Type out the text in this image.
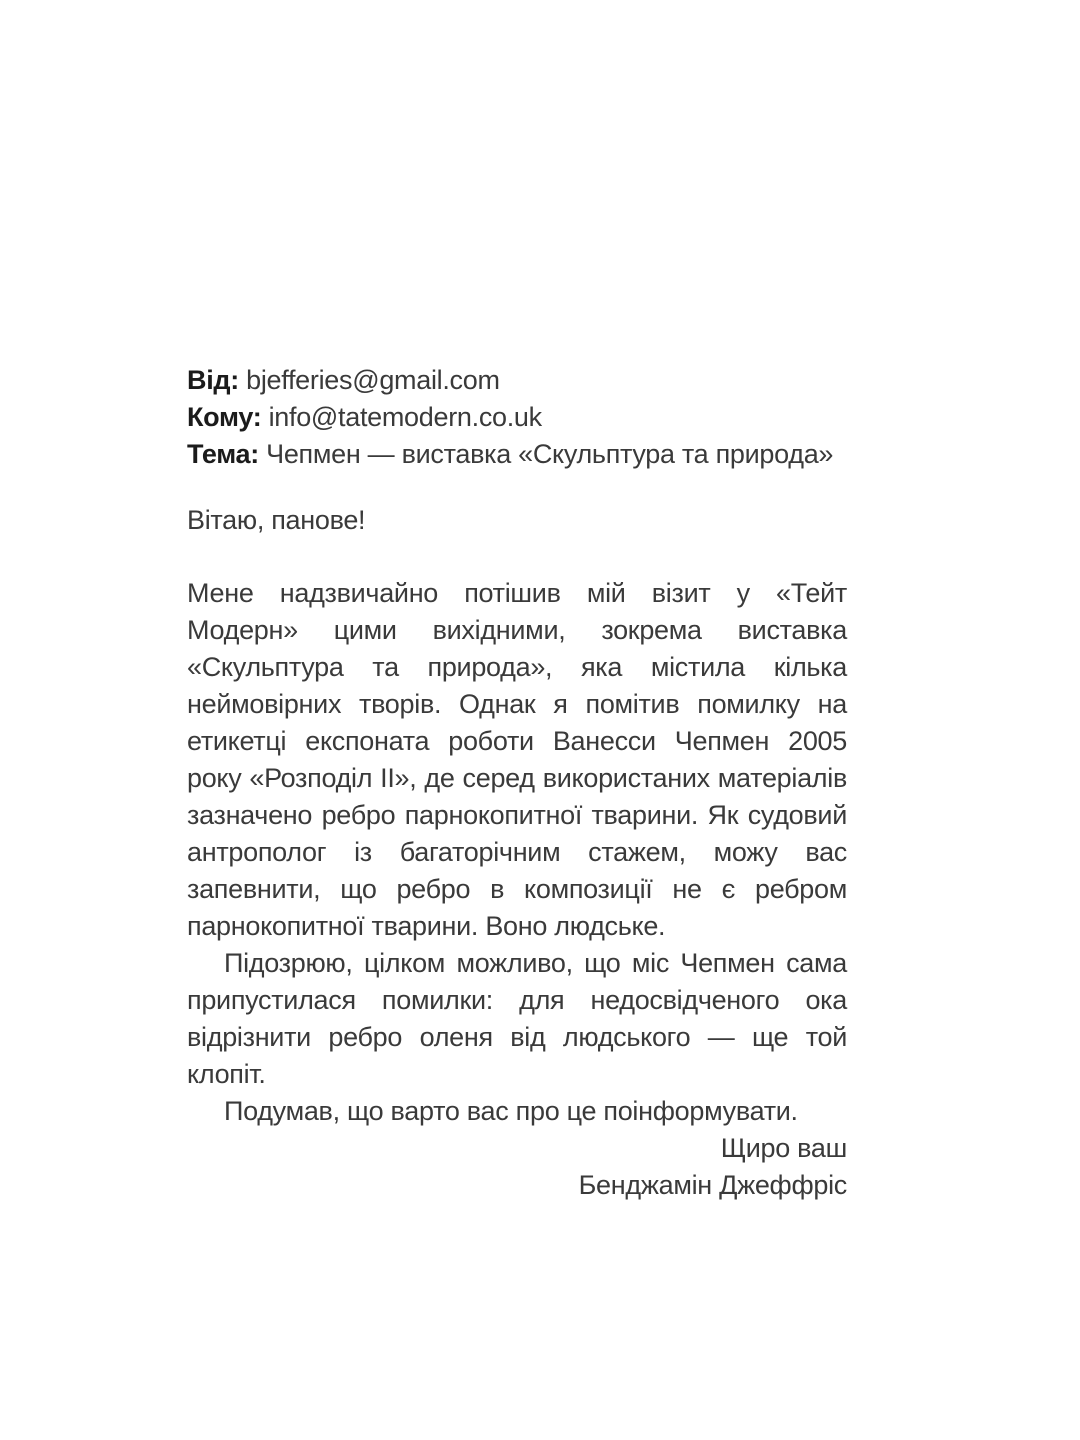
Від: bjefferies@gmail.com

Кому: info@tatemodern.co.uk

Тема: Чепмен — виставка «Скульптура та природа»

Вітаю, панове!

Мене надзвичайно потішив мій візит у «Тейт Модерн» цими вихідними, зокрема виставка «Скульптура та природа», яка містила кілька неймовірних творів. Однак я помітив помилку на етикетці експоната роботи Ванесси Чепмен 2005 року «Розподіл ІІ», де серед використаних матеріалів зазначено ребро парнокопитної тварини. Як судовий антрополог із багаторічним стажем, можу вас запевнити, що ребро в композиції не є ребром парнокопитної тварини. Воно людське.

Підозрюю, цілком можливо, що міс Чепмен сама припустилася помилки: для недосвідченого ока відрізнити ребро оленя від людського — ще той клопіт.

Подумав, що варто вас про це поінформувати.

Щиро ваш

Бенджамін Джеффріс
